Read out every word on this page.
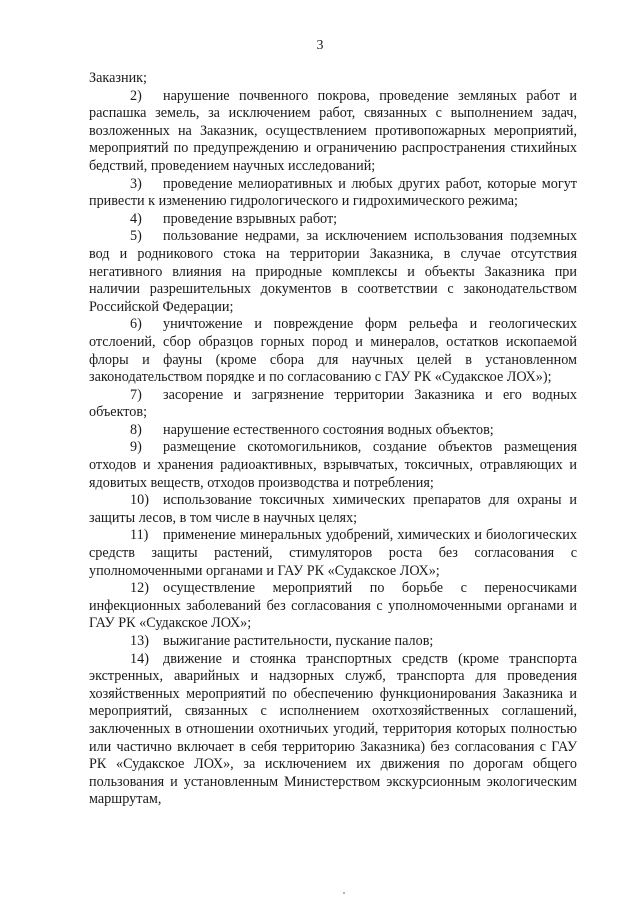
3

Заказник;

2) нарушение почвенного покрова, проведение земляных работ и распашка земель, за исключением работ, связанных с выполнением задач, возложенных на Заказник, осуществлением противопожарных мероприятий, мероприятий по предупреждению и ограничению распространения стихийных бедствий, проведением научных исследований;

3) проведение мелиоративных и любых других работ, которые могут привести к изменению гидрологического и гидрохимического режима;

4) проведение взрывных работ;

5) пользование недрами, за исключением использования подземных вод и родникового стока на территории Заказника, в случае отсутствия негативного влияния на природные комплексы и объекты Заказника при наличии разрешительных документов в соответствии с законодательством Российской Федерации;

6) уничтожение и повреждение форм рельефа и геологических отслоений, сбор образцов горных пород и минералов, остатков ископаемой флоры и фауны (кроме сбора для научных целей в установленном законодательством порядке и по согласованию с ГАУ РК «Судакское ЛОХ»);

7) засорение и загрязнение территории Заказника и его водных объектов;

8) нарушение естественного состояния водных объектов;

9) размещение скотомогильников, создание объектов размещения отходов и хранения радиоактивных, взрывчатых, токсичных, отравляющих и ядовитых веществ, отходов производства и потребления;

10) использование токсичных химических препаратов для охраны и защиты лесов, в том числе в научных целях;

11) применение минеральных удобрений, химических и биологических средств защиты растений, стимуляторов роста без согласования с уполномоченными органами и ГАУ РК «Судакское ЛОХ»;

12) осуществление мероприятий по борьбе с переносчиками инфекционных заболеваний без согласования с уполномоченными органами и ГАУ РК «Судакское ЛОХ»;

13) выжигание растительности, пускание палов;

14) движение и стоянка транспортных средств (кроме транспорта экстренных, аварийных и надзорных служб, транспорта для проведения хозяйственных мероприятий по обеспечению функционирования Заказника и мероприятий, связанных с исполнением охотхозяйственных соглашений, заключенных в отношении охотничьих угодий, территория которых полностью или частично включает в себя территорию Заказника) без согласования с ГАУ РК «Судакское ЛОХ», за исключением их движения по дорогам общего пользования и установленным Министерством экскурсионным экологическим маршрутам,
